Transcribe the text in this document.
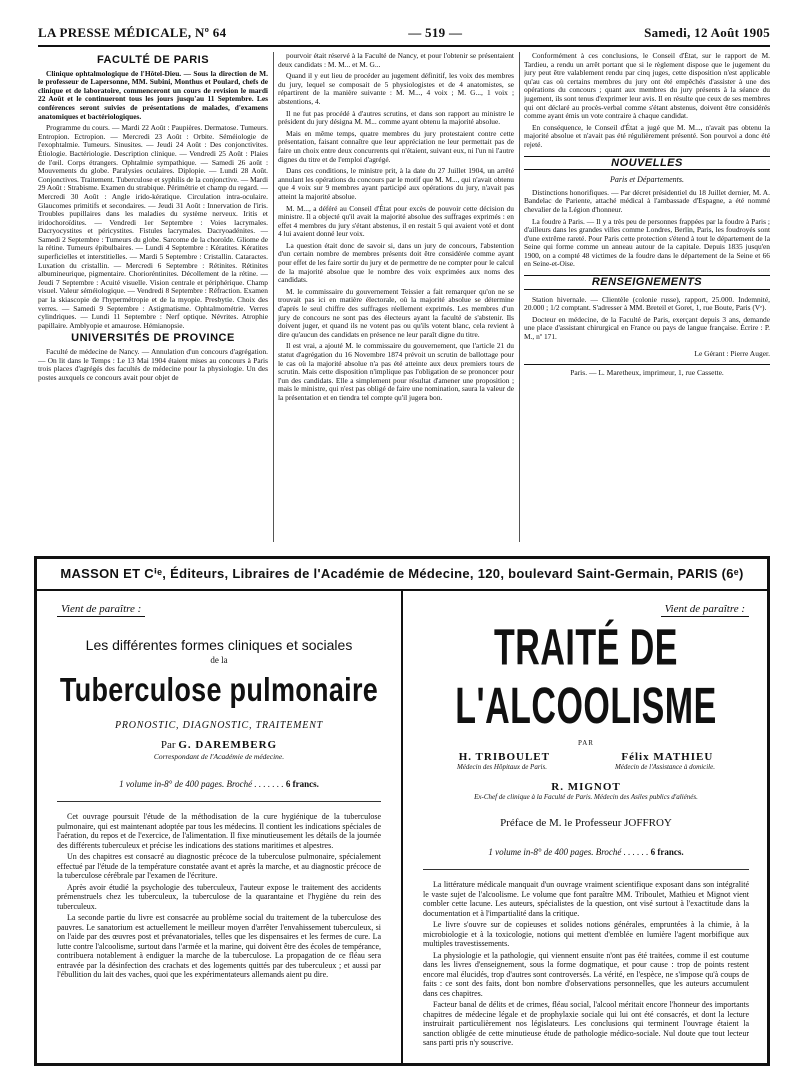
LA PRESSE MÉDICALE, Nº 64	— 519 —	Samedi, 12 Août 1905
FACULTÉ DE PARIS

Clinique ophtalmologique de l'Hôtel-Dieu. — Sous la direction de M. le professeur de Lapersonne, MM. Subini, Monthus et Poulard, chefs de clinique et de laboratoire, commenceront un cours de revision le mardi 22 Août et le continueront tous les jours jusqu'au 11 Septembre. Les conférences seront suivies de présentations de malades, d'examens anatomiques et bactériologiques.

Programme du cours. — Mardi 22 Août : Paupières. Dermatose. Tumeurs. Entropion. Ectropion. — Mercredi 23 Août : Orbite. Séméiologie de l'exophtalmie. Tumeurs. Sinusites. — Jeudi 24 Août : Des conjonctivites. Étiologie. Bactériologie. Description clinique. — Vendredi 25 Août : Plaies de l'œil. Corps étrangers. Ophtalmie sympathique. — Samedi 26 août : Mouvements du globe. Paralysies oculaires. Diplopie. — Lundi 28 Août. Conjonctives. Traitement. Tuberculose et syphilis de la conjonctive. — Mardi 29 Août : Strabisme. Examen du strabique. Périmétrie et champ du regard. — Mercredi 30 Août : Angle irido-kératique. Circulation intra-oculaire. Glaucomes primitifs et secondaires. — Jeudi 31 Août : Innervation de l'iris. Troubles pupillaires dans les maladies du système nerveux. Iritis et iridochoroïdites. — Vendredi 1er Septembre : Voies lacrymales. Dacryocystites et péricystites. Fistules lacrymales. Dacryoadénites. — Samedi 2 Septembre : Tumeurs du globe. Sarcome de la choroïde. Gliome de la rétine. Tumeurs épibulbaires. — Lundi 4 Septembre : Kératites. Kératites superficielles et interstitielles. — Mardi 5 Septembre : Cristallin. Cataractes. Luxation du cristallin. — Mercredi 6 Septembre : Rétinites. Rétinites albumineurique, pigmentaire. Chorioréntinites. Décollement de la rétine. — Jeudi 7 Septembre : Acuité visuelle. Vision centrale et périphérique. Champ visuel. Valeur séméiologique. — Vendredi 8 Septembre : Réfraction. Examen par la skiascopie de l'hypermétropie et de la myopie. Presbytie. Choix des verres. — Samedi 9 Septembre : Astigmatisme. Ophtalmométrie. Verres cylindriques. — Lundi 11 Septembre : Nerf optique. Névrites. Atrophie papillaire. Amblyopie et amaurose. Hémianopsie.

UNIVERSITÉS DE PROVINCE

Faculté de médecine de Nancy. — Annulation d'un concours d'agrégation. — On lit dans le Temps : Le 13 Mai 1904 étaient mises au concours à Paris trois places d'agrégés des facultés de médecine pour la physiologie. Un des postes auxquels ce concours avait pour objet de

pourvoir était réservé à la Faculté de Nancy, et pour l'obtenir se présentaient deux candidats : M. M... et M. G...

Quand il y eut lieu de procéder au jugement définitif, les voix des membres du jury, lequel se composait de 5 physiologistes et de 4 anatomistes, se répartirent de la manière suivante : M. M..., 4 voix ; M. G..., 1 voix ; abstentions, 4.

Il ne fut pas procédé à d'autres scrutins, et dans son rapport au ministre le président du jury désigna M. M... comme ayant obtenu la majorité absolue.

Mais en même temps, quatre membres du jury protestaient contre cette présentation, faisant connaître que leur appréciation ne leur permettait pas de faire un choix entre deux concurrents qui n'étaient, suivant eux, ni l'un ni l'autre dignes du titre et de l'emploi d'agrégé.

Dans ces conditions, le ministre prit, à la date du 27 Juillet 1904, un arrêté annulant les opérations du concours par le motif que M. M..., qui n'avait obtenu que 4 voix sur 9 membres ayant participé aux opérations du jury, n'avait pas atteint la majorité absolue.

M. M..., a déféré au Conseil d'État pour excès de pouvoir cette décision du ministre. Il a objecté qu'il avait la majorité absolue des suffrages exprimés : en effet 4 membres du jury s'étant abstenus, il en restait 5 qui avaient voté et dont 4 lui avaient donné leur voix.

La question était donc de savoir si, dans un jury de concours, l'abstention d'un certain nombre de membres présents doit être considérée comme ayant pour effet de les faire sortir du jury et de permettre de ne compter pour le calcul de la majorité absolue que le nombre des voix exprimées aux noms des candidats.

M. le commissaire du gouvernement Teissier a fait remarquer qu'on ne se trouvait pas ici en matière électorale, où la majorité absolue se détermine d'après le seul chiffre des suffrages réellement exprimés. Les membres d'un jury de concours ne sont pas des électeurs ayant la faculté de s'abstenir. Ils doivent juger, et quand ils ne votent pas ou qu'ils votent blanc, cela revient à dire qu'aucun des candidats en présence ne leur paraît digne du titre.

Il est vrai, a ajouté M. le commissaire du gouvernement, que l'article 21 du statut d'agrégation du 16 Novembre 1874 prévoit un scrutin de ballottage pour le cas où la majorité absolue n'a pas été atteinte aux deux premiers tours de scrutin. Mais cette disposition n'implique pas l'obligation de se prononcer pour l'un des candidats. Elle a simplement pour résultat d'amener une proposition ; mais le ministre, qui n'est pas obligé de faire une nomination, saura la valeur de la présentation et en tiendra tel compte qu'il jugera bon.

Conformément à ces conclusions, le Conseil d'État, sur le rapport de M. Tardieu, a rendu un arrêt portant que si le règlement dispose que le jugement du jury peut être valablement rendu par cinq juges, cette disposition n'est applicable qu'au cas où certains membres du jury ont été empêchés d'assister à une des opérations du concours ; quant aux membres du jury présents à la séance du jugement, ils sont tenus d'exprimer leur avis. Il en résulte que ceux de ses membres qui ont déclaré au procès-verbal comme s'étant abstenus, doivent être considérés comme ayant émis un vote contraire à chaque candidat.

En conséquence, le Conseil d'État a jugé que M. M..., n'avait pas obtenu la majorité absolue et n'avait pas été régulièrement présenté. Son pourvoi a donc été rejeté.

NOUVELLES
Paris et Départements.

Distinctions honorifiques. — Par décret présidentiel du 18 Juillet dernier, M. A. Bandelac de Pariente, attaché médical à l'ambassade d'Espagne, a été nommé chevalier de la Légion d'honneur.

La foudre à Paris. — Il y a très peu de personnes frappées par la foudre à Paris ; d'ailleurs dans les grandes villes comme Londres, Berlin, Paris, les foudroyés sont d'une extrême rareté. Pour Paris cette protection s'étend à tout le département de la Seine qui forme comme un anneau autour de la capitale. Depuis 1835 jusqu'en 1900, on a compté 48 victimes de la foudre dans le département de la Seine et 66 en Seine-et-Oise.

RENSEIGNEMENTS

Station hivernale. — Clientèle (colonie russe), rapport, 25.000. Indemnité, 20.000 ; 1/2 comptant. S'adresser à MM. Breteil et Goret, 1, rue Boute, Paris (Vᵉ).

Docteur en médecine, de la Faculté de Paris, exerçant depuis 3 ans, demande une place d'assistant chirurgical en France ou pays de langue française. Écrire : P. M., nº 171.

Le Gérant : Pierre Auger.
Paris. — L. Maretheux, imprimeur, 1, rue Cassette.
MASSON ET Cⁱᵉ, Éditeurs, Libraires de l'Académie de Médecine, 120, boulevard Saint-Germain, PARIS (6ᵉ)
Vient de paraître :
Les différentes formes cliniques et sociales
de la
Tuberculose pulmonaire
PRONOSTIC, DIAGNOSTIC, TRAITEMENT
Par G. DAREMBERG
Correspondant de l'Académie de médecine.
1 volume in-8° de 400 pages. Broché . . . . . . . 6 francs.

Cet ouvrage poursuit l'étude de la méthodisation de la cure hygiénique de la tuberculose pulmonaire, qui est maintenant adoptée par tous les médecins. Il contient les indications spéciales de l'aération, du repos et de l'exercice, de l'alimentation. Il fixe minutieusement les détails de la journée des différents tuberculeux et précise les indications des stations maritimes et alpestres.

Un des chapitres est consacré au diagnostic précoce de la tuberculose pulmonaire, spécialement effectué par l'étude de la température constatée avant et après la marche, et au diagnostic précoce de la tuberculose cérébrale par l'examen de l'écriture.

Après avoir étudié la psychologie des tuberculeux, l'auteur expose le traitement des accidents prémenstruels chez les tuberculeux, la tuberculose de la quarantaine et l'hygiène du rein des tuberculeux.

La seconde partie du livre est consacrée au problème social du traitement de la tuberculose des pauvres. Le sanatorium est actuellement le meilleur moyen d'arrêter l'envahissement tuberculeux, si on l'aide par des œuvres post et prévanatoriales, telles que les dispensaires et les fermes de cure. La lutte contre l'alcoolisme, surtout dans l'armée et la marine, qui doivent être des écoles de tempérance, contribuera notablement à endiguer la marche de la tuberculose. La propagation de ce fléau sera entravée par la désinfection des crachats et des logements quittés par des tuberculeux ; et aussi par l'ébullition du lait des vaches, quoi que les expérimentateurs allemands aient pu dire.

Vient de paraître :
TRAITÉ DE L'ALCOOLISME
PAR
H. TRIBOULET	Félix MATHIEU
Médecin des Hôpitaux de Paris.	Médecin de l'Assistance à domicile.
R. MIGNOT
Ex-Chef de clinique à la Faculté de Paris. Médecin des Asiles publics d'aliénés.
Préface de M. le Professeur JOFFROY
1 volume in-8° de 400 pages. Broché . . . . . . 6 francs.

La littérature médicale manquait d'un ouvrage vraiment scientifique exposant dans son intégralité le vaste sujet de l'alcoolisme. Le volume que font paraître MM. Triboulet, Mathieu et Mignot vient combler cette lacune. Les auteurs, spécialistes de la question, ont visé surtout à l'exactitude dans la documentation et à l'impartialité dans la critique.

Le livre s'ouvre sur de copieuses et solides notions générales, empruntées à la chimie, à la microbiologie et à la toxicologie, notions qui mettent d'emblée en lumière l'agent morbifique aux multiples travestissements.

La physiologie et la pathologie, qui viennent ensuite n'ont pas été traitées, comme il est coutume dans les livres d'enseignement, sous la forme dogmatique, et pour cause : trop de points restent encore mal élucidés, trop d'autres sont controversés. La vérité, en l'espèce, ne s'impose qu'à coups de faits : ce sont des faits, dont bon nombre d'observations personnelles, que les auteurs accumulent dans ces chapitres.

Facteur banal de délits et de crimes, fléau social, l'alcool méritait encore l'honneur des importants chapitres de médecine légale et de prophylaxie sociale qui lui ont été consacrés, et dont la lecture instruirait particulièrement nos législateurs. Les conclusions qui terminent l'ouvrage étaient la sanction obligée de cette minutieuse étude de pathologie médico-sociale. Nul doute que tout lecteur sans parti pris n'y souscrive.
